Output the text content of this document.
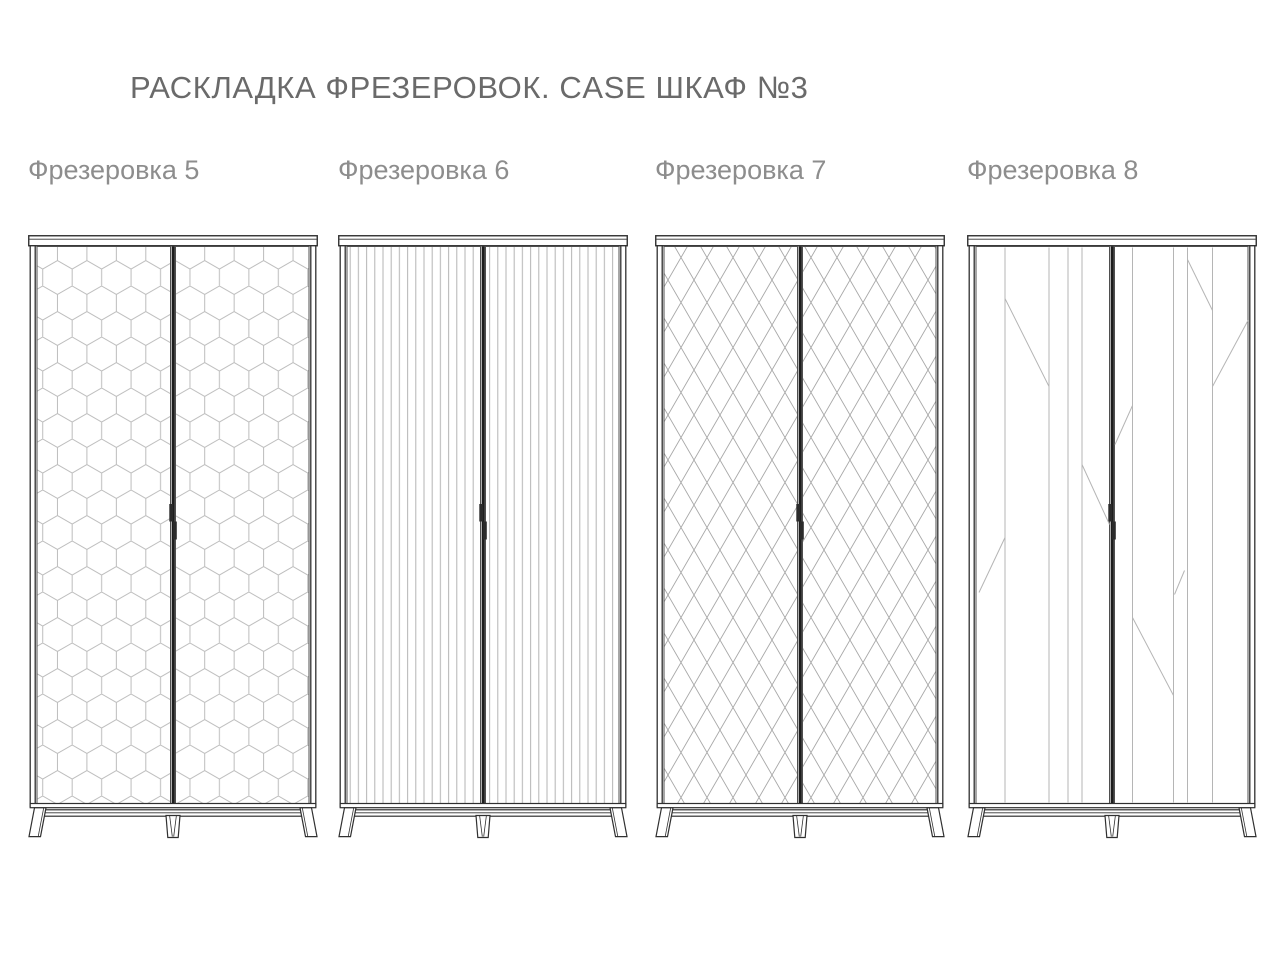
РАСКЛАДКА ФРЕЗЕРОВОК. CASE ШКАФ №3
Фрезеровка 5	Фрезеровка 6	Фрезеровка 7	Фрезеровка 8
